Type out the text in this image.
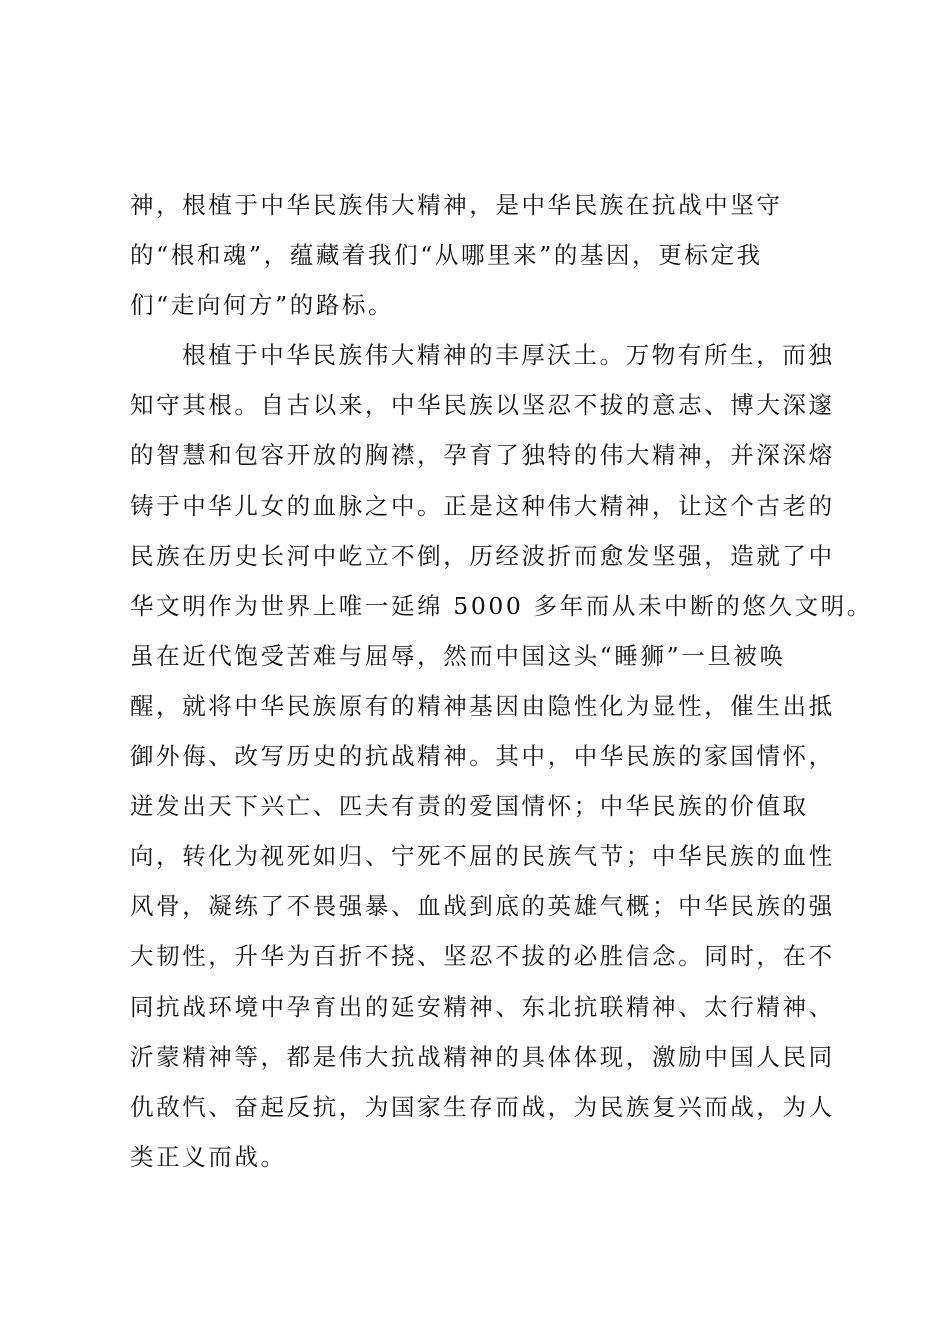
神，根植于中华民族伟大精神，是中华民族在抗战中坚守
的“根和魂”，蕴藏着我们“从哪里来”的基因，更标定我
们“走向何方”的路标。
根植于中华民族伟大精神的丰厚沃土。万物有所生，而独
知守其根。自古以来，中华民族以坚忍不拔的意志、博大深邃
的智慧和包容开放的胸襟，孕育了独特的伟大精神，并深深熔
铸于中华儿女的血脉之中。正是这种伟大精神，让这个古老的
民族在历史长河中屹立不倒，历经波折而愈发坚强，造就了中
华文明作为世界上唯一延绵 5000 多年而从未中断的悠久文明。
虽在近代饱受苦难与屈辱，然而中国这头“睡狮”一旦被唤
醒，就将中华民族原有的精神基因由隐性化为显性，催生出抵
御外侮、改写历史的抗战精神。其中，中华民族的家国情怀，
迸发出天下兴亡、匹夫有责的爱国情怀；中华民族的价值取
向，转化为视死如归、宁死不屈的民族气节；中华民族的血性
风骨，凝练了不畏强暴、血战到底的英雄气概；中华民族的强
大韧性，升华为百折不挠、坚忍不拔的必胜信念。同时，在不
同抗战环境中孕育出的延安精神、东北抗联精神、太行精神、
沂蒙精神等，都是伟大抗战精神的具体体现，激励中国人民同
仇敌忾、奋起反抗，为国家生存而战，为民族复兴而战，为人
类正义而战。
